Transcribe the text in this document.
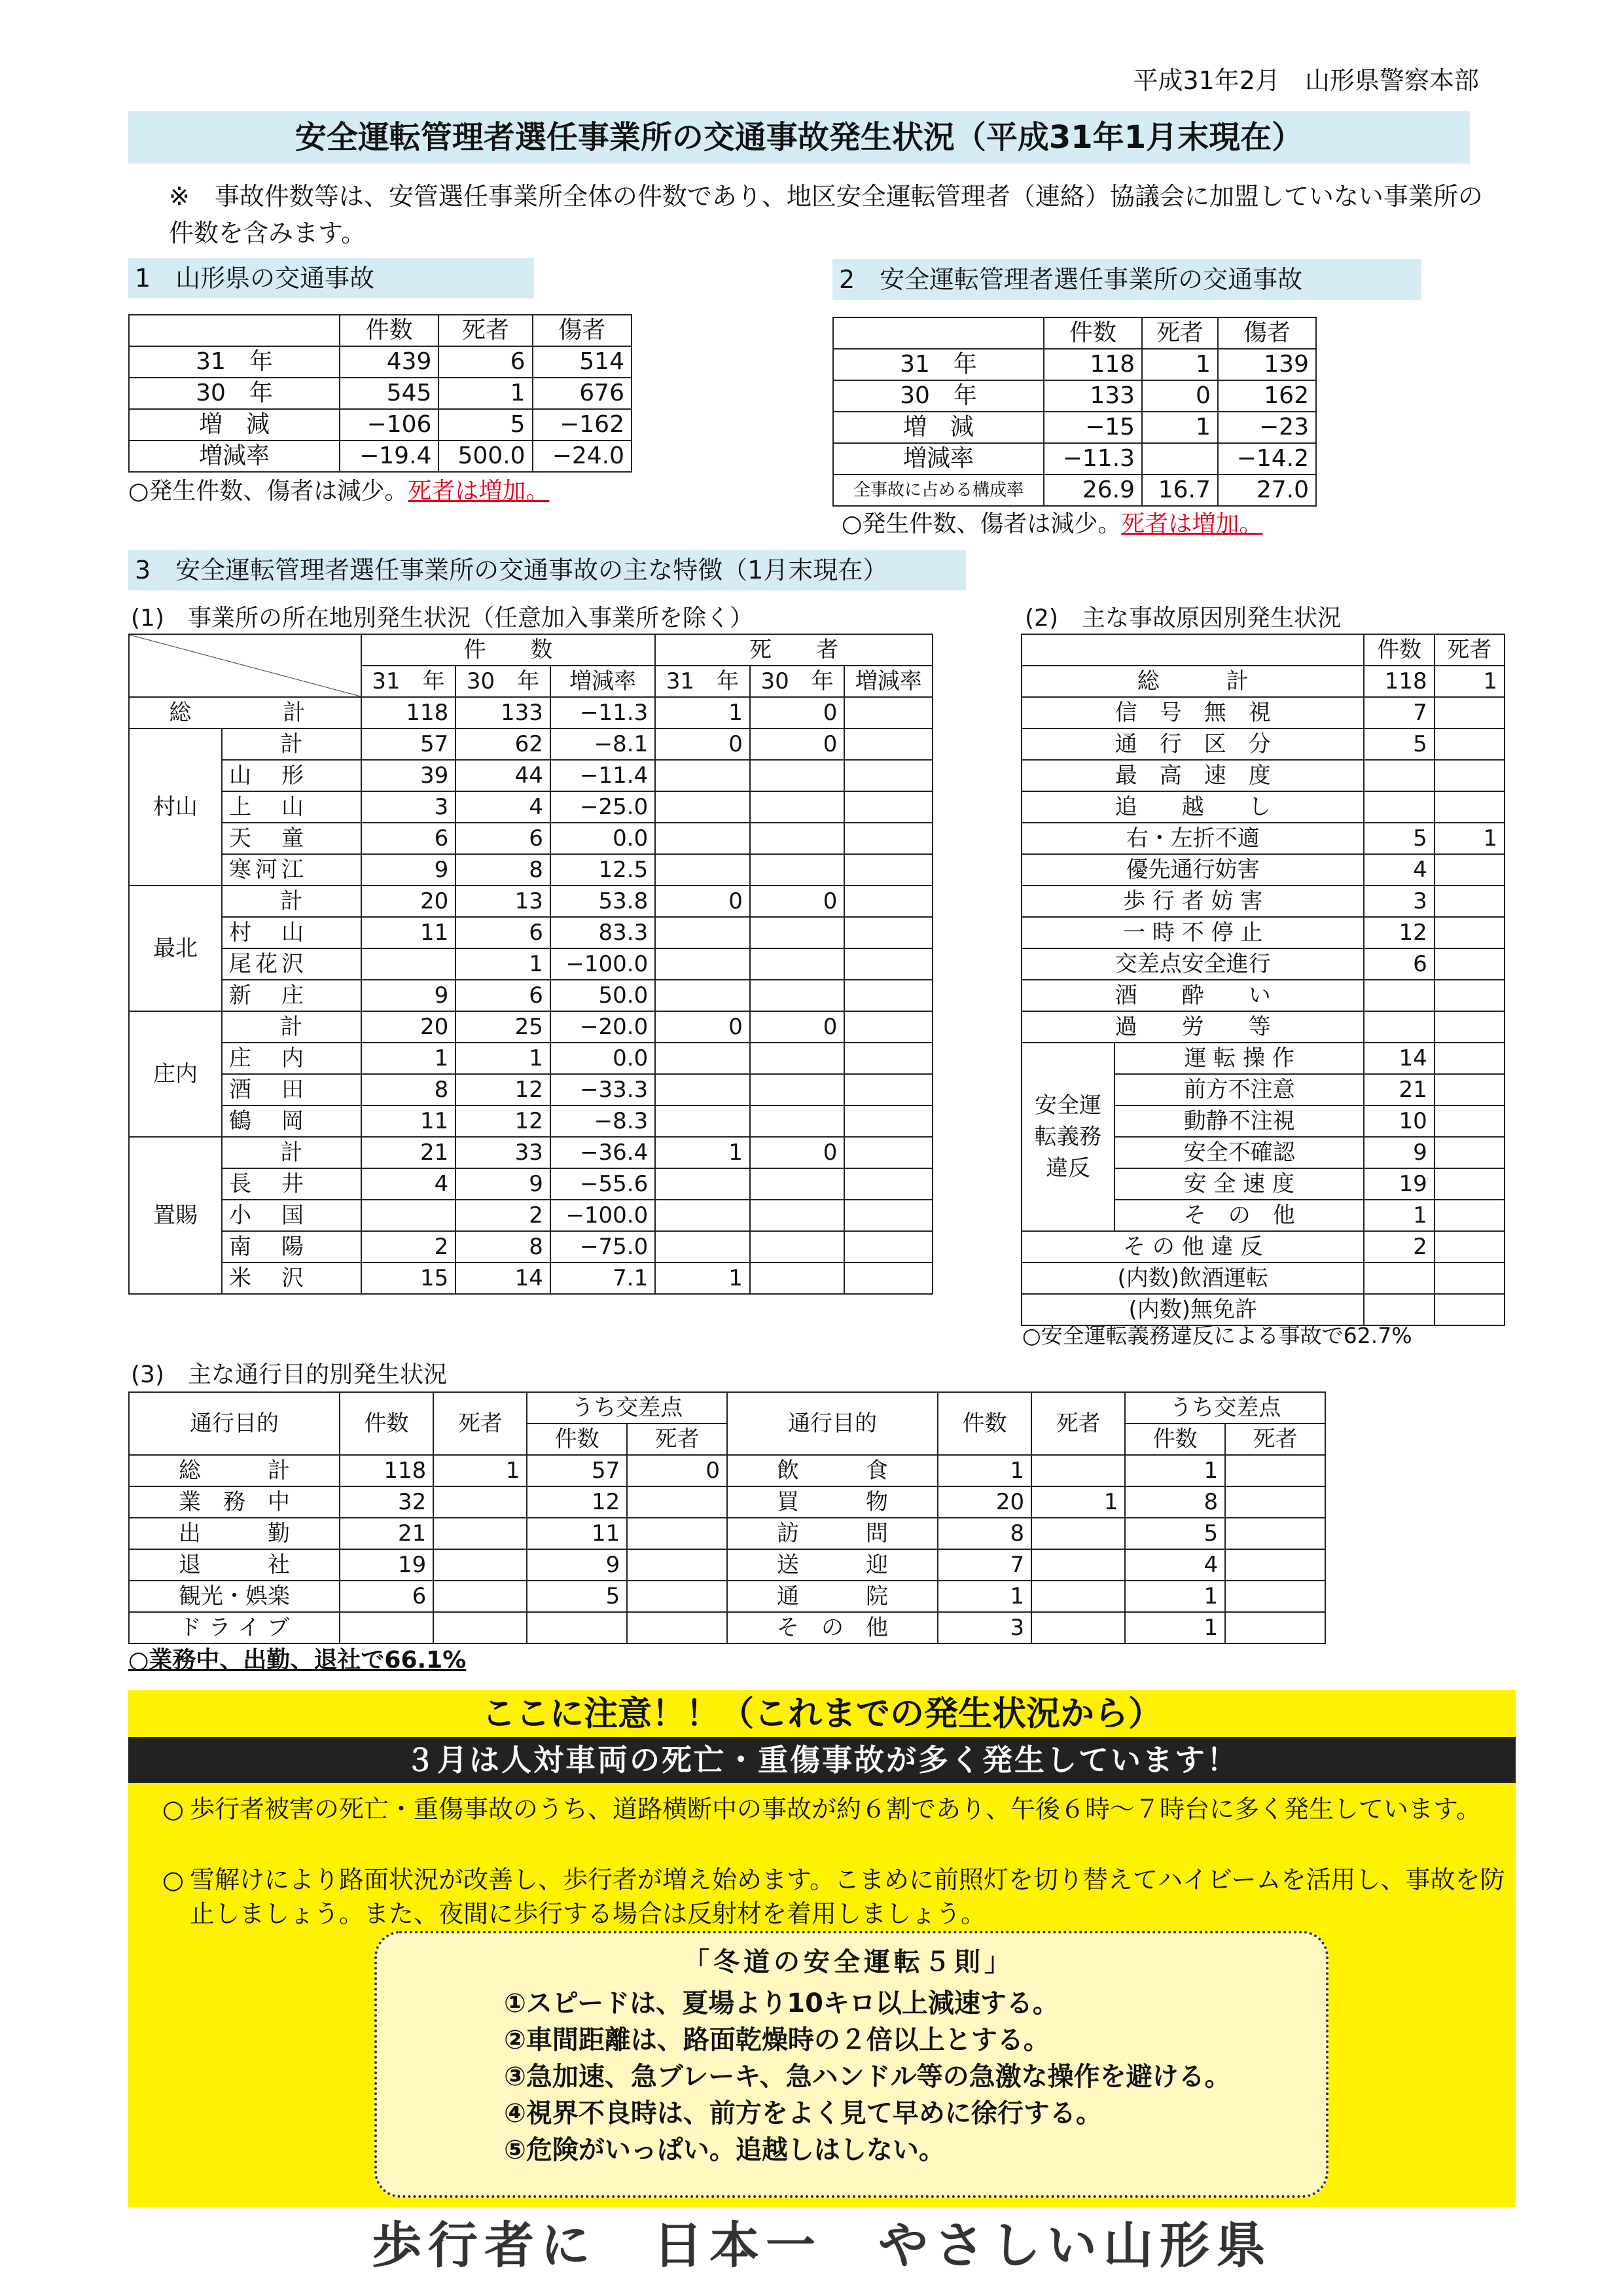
平成31年2月　山形県警察本部
安全運転管理者選任事業所の交通事故発生状況（平成31年1月末現在）
※　事故件数等は、安管選任事業所全体の件数であり、地区安全運転管理者（連絡）協議会に加盟していない事業所の件数を含みます。
1　山形県の交通事故
	件数	死者	傷者
31　年	439	6	514
30　年	545	1	676
増　減	−106	5	−162
増減率	−19.4	500.0	−24.0
○発生件数、傷者は減少。死者は増加。
2　安全運転管理者選任事業所の交通事故
	件数	死者	傷者
31　年	118	1	139
30　年	133	0	162
増　減	−15	1	−23
増減率	−11.3		−14.2
全事故に占める構成率	26.9	16.7	27.0
○発生件数、傷者は減少。死者は増加。
3　安全運転管理者選任事業所の交通事故の主な特徴（1月末現在）
(1)　事業所の所在地別発生状況（任意加入事業所を除く）
		件　　数			死　　者		
		31　年	30　年	増減率	31　年	30　年	増減率
総　　計		118	133	−11.3	1	0	
村山	計	57	62	−8.1	0	0	
	山　形	39	44	−11.4			
	上　山	3	4	−25.0			
	天　童	6	6	0.0			
	寒河江	9	8	12.5			
最北	計	20	13	53.8	0	0	
	村　山	11	6	83.3			
	尾花沢		1	−100.0			
	新　庄	9	6	50.0			
庄内	計	20	25	−20.0	0	0	
	庄　内	1	1	0.0			
	酒　田	8	12	−33.3			
	鶴　岡	11	12	−8.3			
置賜	計	21	33	−36.4	1	0	
	長　井	4	9	−55.6			
	小　国		2	−100.0			
	南　陽	2	8	−75.0			
	米　沢	15	14	7.1	1		
(2)　主な事故原因別発生状況
		件数	死者
総　　　計		118	1
信　号　無　視		7	
通　行　区　分		5	
最　高　速　度			
追　　越　　し			
右・左折不適		5	1
優先通行妨害		4	
歩 行 者 妨 害		3	
一 時 不 停 止		12	
交差点安全進行		6	
酒　　酔　　い			
過　　労　　等			
安全運転義務違反	運 転 操 作	14	
	前方不注意	21	
	動静不注視	10	
	安全不確認	9	
	安 全 速 度	19	
	そ　の　他	1	
そ の 他 違 反		2	
(内数)飲酒運転			
(内数)無免許			
○安全運転義務違反による事故で62.7%
(3)　主な通行目的別発生状況
通行目的	件数	死者	うち交差点		通行目的	件数	死者	うち交差点	
			件数	死者				件数	死者
総　　　計	118	1	57	0	飲　　　食	1		1	
業　務　中	32		12		買　　　物	20	1	8	
出　　　勤	21		11		訪　　　問	8		5	
退　　　社	19		9		送　　　迎	7		4	
観光・娯楽	6		5		通　　　院	1		1	
ド ラ イ ブ					そ　の　他	3		1	
○業務中、出勤、退社で66.1%
ここに注意！！（これまでの発生状況から）
３月は人対車両の死亡・重傷事故が多く発生しています！
○ 歩行者被害の死亡・重傷事故のうち、道路横断中の事故が約６割であり、午後６時～７時台に多く発生しています。
○ 雪解けにより路面状況が改善し、歩行者が増え始めます。こまめに前照灯を切り替えてハイビームを活用し、事故を防止しましょう。また、夜間に歩行する場合は反射材を着用しましょう。
「冬道の安全運転５則」
①スピードは、夏場より10キロ以上減速する。
②車間距離は、路面乾燥時の２倍以上とする。
③急加速、急ブレーキ、急ハンドル等の急激な操作を避ける。
④視界不良時は、前方をよく見て早めに徐行する。
⑤危険がいっぱい。追越しはしない。
歩行者に　日本一　やさしい山形県
